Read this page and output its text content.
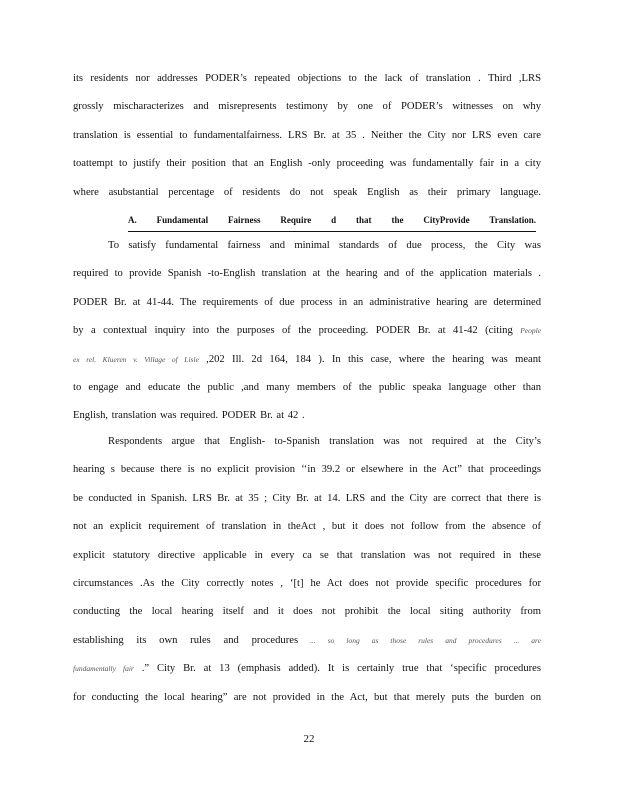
its residents nor addresses PODER’s repeated objections to the lack of translation . Third ,LRS
grossly mischaracterizes and misrepresents testimony by one of PODER’s witnesses on why
translation is essential to fundamentalfairness. LRS Br. at 35 . Neither the City nor LRS even care
toattempt to justify their position that an English -only proceeding was fundamentally fair in a city
where asubstantial percentage of residents do not speak English as their primary language.
A. Fundamental Fairness Require d that the CityProvide Translation.
To satisfy fundamental fairness and minimal standards of due process, the City was
required to provide Spanish -to-English translation at the hearing and of the application materials .
PODER Br. at 41-44. The requirements of due process in an administrative hearing are determined
by a contextual inquiry into the purposes of the proceeding. PODER Br. at 41-42 (citing People
ex rel. Klueren v. Village of Lisle ,202 Ill. 2d 164, 184 ). In this case, where the hearing was meant
to engage and educate the public ,and many members of the public speaka language other than
English, translation was required. PODER Br. at 42 .
Respondents argue that English- to-Spanish translation was not required at the City’s
hearing s because there is no explicit provision ‘‘in 39.2 or elsewhere in the Act” that proceedings
be conducted in Spanish. LRS Br. at 35 ; City Br. at 14. LRS and the City are correct that there is
not an explicit requirement of translation in theAct , but it does not follow from the absence of
explicit statutory directive applicable in every ca se that translation was not required in these
circumstances .As the City correctly notes , ‘[t] he Act does not provide specific procedures for
conducting the local hearing itself and it does not prohibit the local siting authority from
establishing its own rules and procedures ... so long as those rules and procedures ... are
fundamentally fair .” City Br. at 13 (emphasis added). It is certainly true that ‘specific procedures
for conducting the local hearing” are not provided in the Act, but that merely puts the burden on
22
